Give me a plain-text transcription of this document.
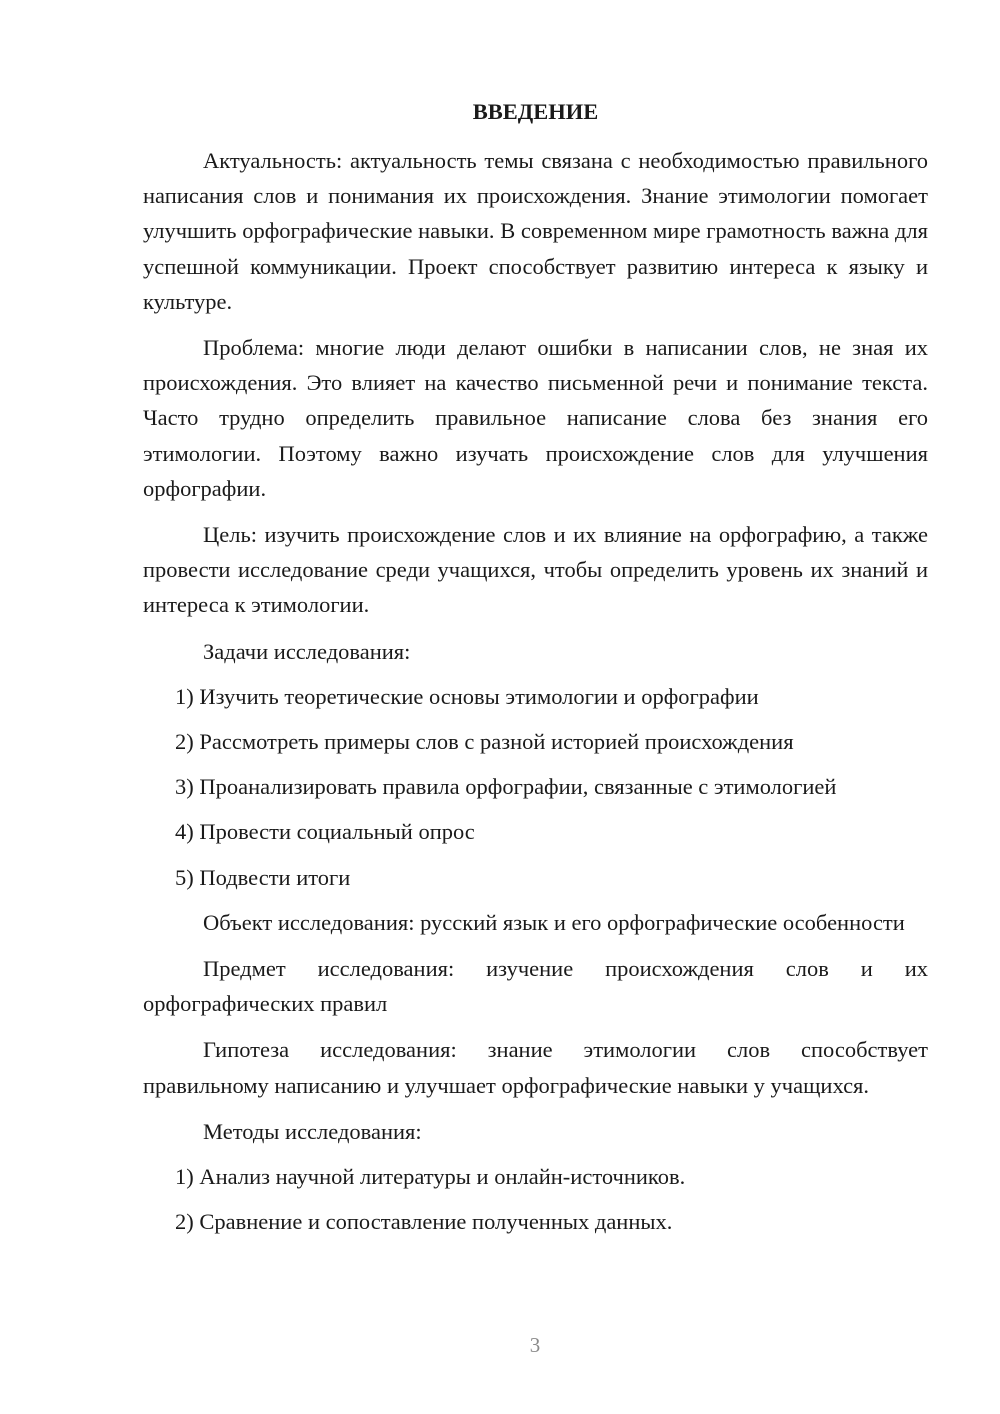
ВВЕДЕНИЕ

Актуальность: актуальность темы связана с необходимостью правильного написания слов и понимания их происхождения. Знание этимологии помогает улучшить орфографические навыки. В современном мире грамотность важна для успешной коммуникации. Проект способствует развитию интереса к языку и культуре.

Проблема: многие люди делают ошибки в написании слов, не зная их происхождения. Это влияет на качество письменной речи и понимание текста. Часто трудно определить правильное написание слова без знания его этимологии. Поэтому важно изучать происхождение слов для улучшения орфографии.

Цель: изучить происхождение слов и их влияние на орфографию, а также провести исследование среди учащихся, чтобы определить уровень их знаний и интереса к этимологии.

Задачи исследования:
1) Изучить теоретические основы этимологии и орфографии
2) Рассмотреть примеры слов с разной историей происхождения
3) Проанализировать правила орфографии, связанные с этимологией
4) Провести социальный опрос
5) Подвести итоги

Объект исследования: русский язык и его орфографические особенности

Предмет исследования: изучение происхождения слов и их орфографических правил

Гипотеза исследования: знание этимологии слов способствует правильному написанию и улучшает орфографические навыки у учащихся.

Методы исследования:
1) Анализ научной литературы и онлайн-источников.
2) Сравнение и сопоставление полученных данных.
3
